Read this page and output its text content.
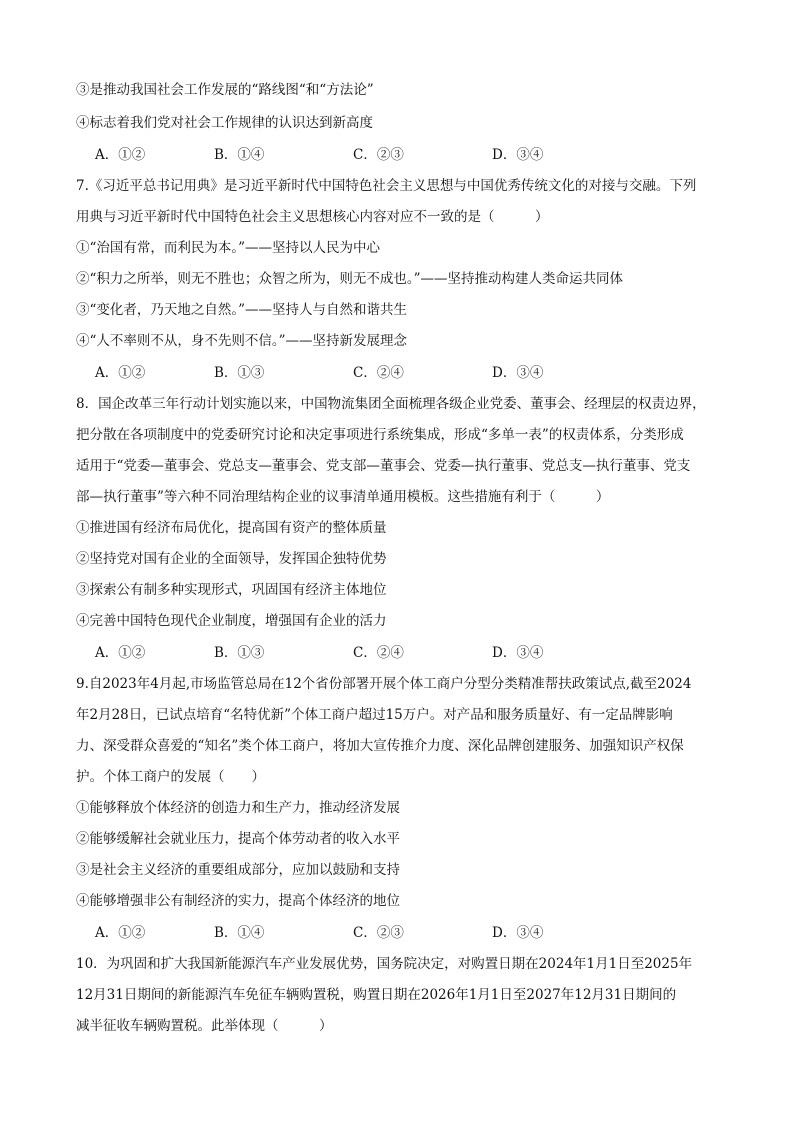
③是推动我国社会工作发展的“路线图“和“方法论”
④标志着我们党对社会工作规律的认识达到新高度
A．①②	B．①④	C．②③	D．③④
7.《习近平总书记用典》是习近平新时代中国特色社会主义思想与中国优秀传统文化的对接与交融。下列
用典与习近平新时代中国特色社会主义思想核心内容对应不一致的是（　　　）
①“治国有常，而利民为本。”——坚持以人民为中心
②“积力之所举，则无不胜也；众智之所为，则无不成也。”——坚持推动构建人类命运共同体
③“变化者，乃天地之自然。”——坚持人与自然和谐共生
④“人不率则不从，身不先则不信。”——坚持新发展理念
A．①②	B．①③	C．②④	D．③④
8．国企改革三年行动计划实施以来，中国物流集团全面梳理各级企业党委、董事会、经理层的权责边界，
把分散在各项制度中的党委研究讨论和决定事项进行系统集成，形成“多单一表”的权责体系，分类形成
适用于“党委—董事会、党总支—董事会、党支部—董事会、党委—执行董事、党总支—执行董事、党支
部—执行董事”等六种不同治理结构企业的议事清单通用模板。这些措施有利于（　　　）
①推进国有经济布局优化，提高国有资产的整体质量
②坚持党对国有企业的全面领导，发挥国企独特优势
③探索公有制多种实现形式，巩固国有经济主体地位
④完善中国特色现代企业制度，增强国有企业的活力
A．①②	B．①③	C．②④	D．③④
9.自2023年4月起,市场监管总局在12个省份部署开展个体工商户分型分类精准帮扶政策试点,截至2024
年2月28日，已试点培育“名特优新”个体工商户超过15万户。对产品和服务质量好、有一定品牌影响
力、深受群众喜爱的“知名”类个体工商户，将加大宣传推介力度、深化品牌创建服务、加强知识产权保
护。个体工商户的发展（　　）
①能够释放个体经济的创造力和生产力，推动经济发展
②能够缓解社会就业压力，提高个体劳动者的收入水平
③是社会主义经济的重要组成部分，应加以鼓励和支持
④能够增强非公有制经济的实力，提高个体经济的地位
A．①②	B．①④	C．②③	D．③④
10．为巩固和扩大我国新能源汽车产业发展优势，国务院决定，对购置日期在2024年1月1日至2025年
12月31日期间的新能源汽车免征车辆购置税，购置日期在2026年1月1日至2027年12月31日期间的
减半征收车辆购置税。此举体现（　　　）
